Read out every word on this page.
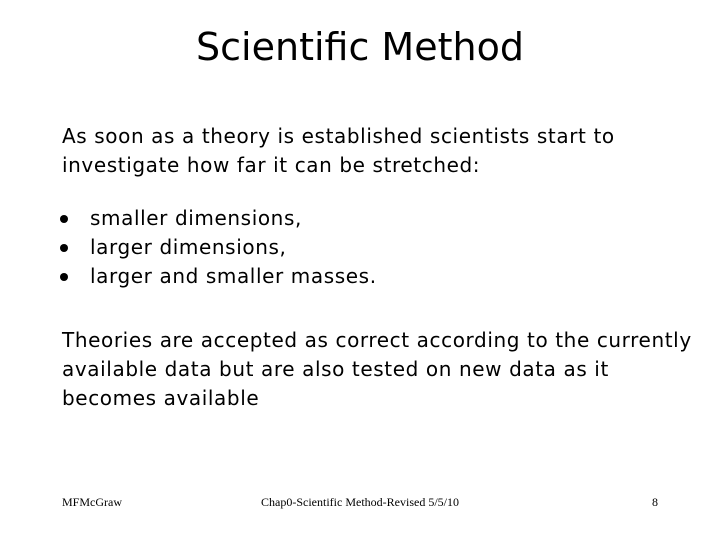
Scientific Method

As soon as a theory is established scientists start to investigate how far it can be stretched:

smaller dimensions,
larger dimensions,
larger and smaller masses.

Theories are accepted as correct according to the currently available data but are also tested on new data as it becomes available

MFMcGraw	Chap0-Scientific Method-Revised 5/5/10	8
